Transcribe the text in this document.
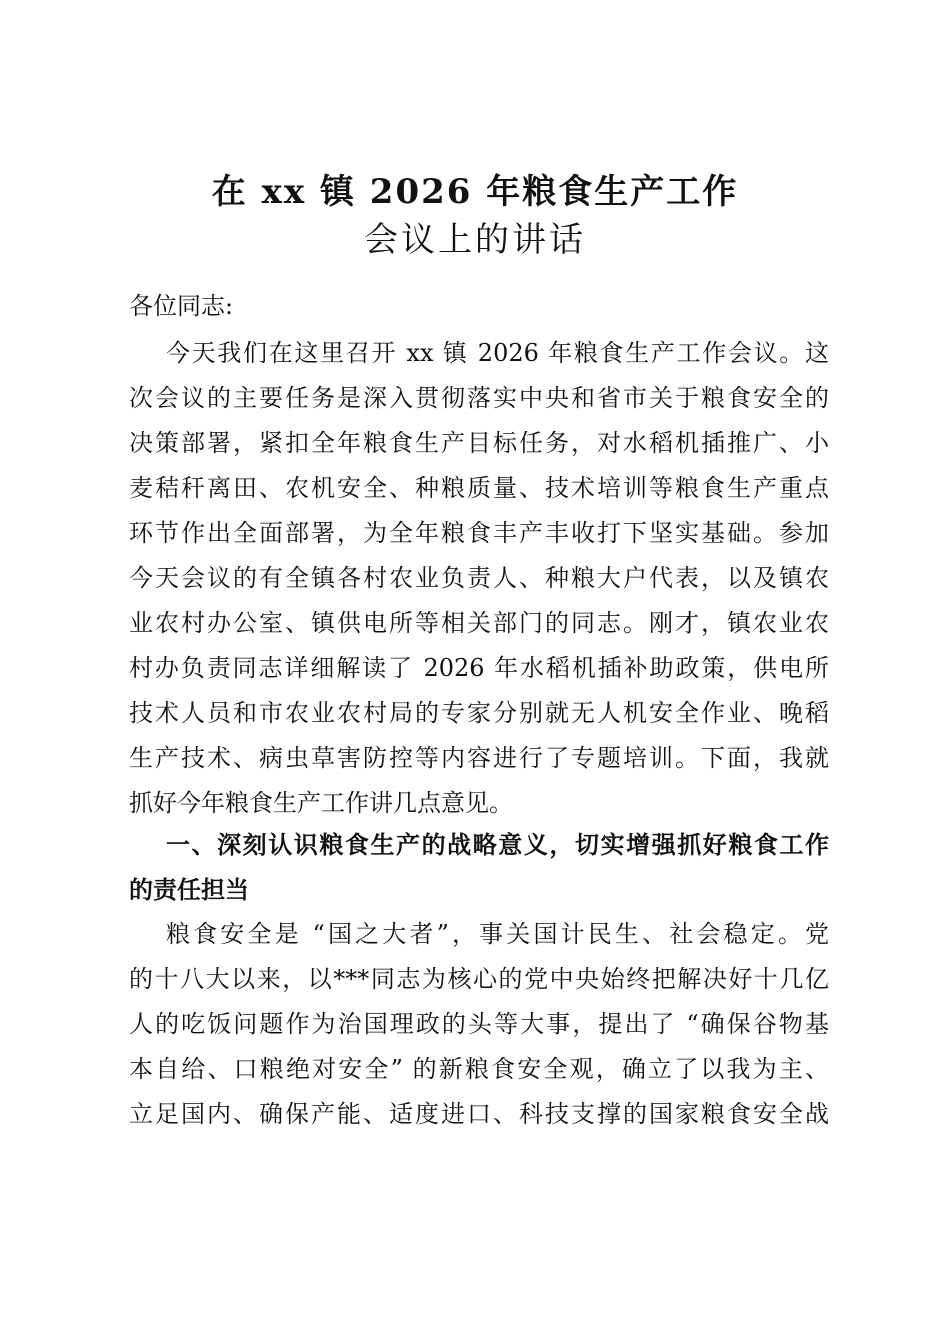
在 xx 镇 2026 年粮食生产工作
会议上的讲话
各位同志:
今天我们在这里召开 xx 镇 2026 年粮食生产工作会议。这
次会议的主要任务是深入贯彻落实中央和省市关于粮食安全的
决策部署，紧扣全年粮食生产目标任务，对水稻机插推广、小
麦秸秆离田、农机安全、种粮质量、技术培训等粮食生产重点
环节作出全面部署，为全年粮食丰产丰收打下坚实基础。参加
今天会议的有全镇各村农业负责人、种粮大户代表，以及镇农
业农村办公室、镇供电所等相关部门的同志。刚才，镇农业农
村办负责同志详细解读了 2026 年水稻机插补助政策，供电所
技术人员和市农业农村局的专家分别就无人机安全作业、晚稻
生产技术、病虫草害防控等内容进行了专题培训。下面，我就
抓好今年粮食生产工作讲几点意见。
一、深刻认识粮食生产的战略意义，切实增强抓好粮食工作
的责任担当
粮食安全是 “国之大者”，事关国计民生、社会稳定。党
的十八大以来，以***同志为核心的党中央始终把解决好十几亿
人的吃饭问题作为治国理政的头等大事，提出了 “确保谷物基
本自给、口粮绝对安全” 的新粮食安全观，确立了以我为主、
立足国内、确保产能、适度进口、科技支撑的国家粮食安全战
